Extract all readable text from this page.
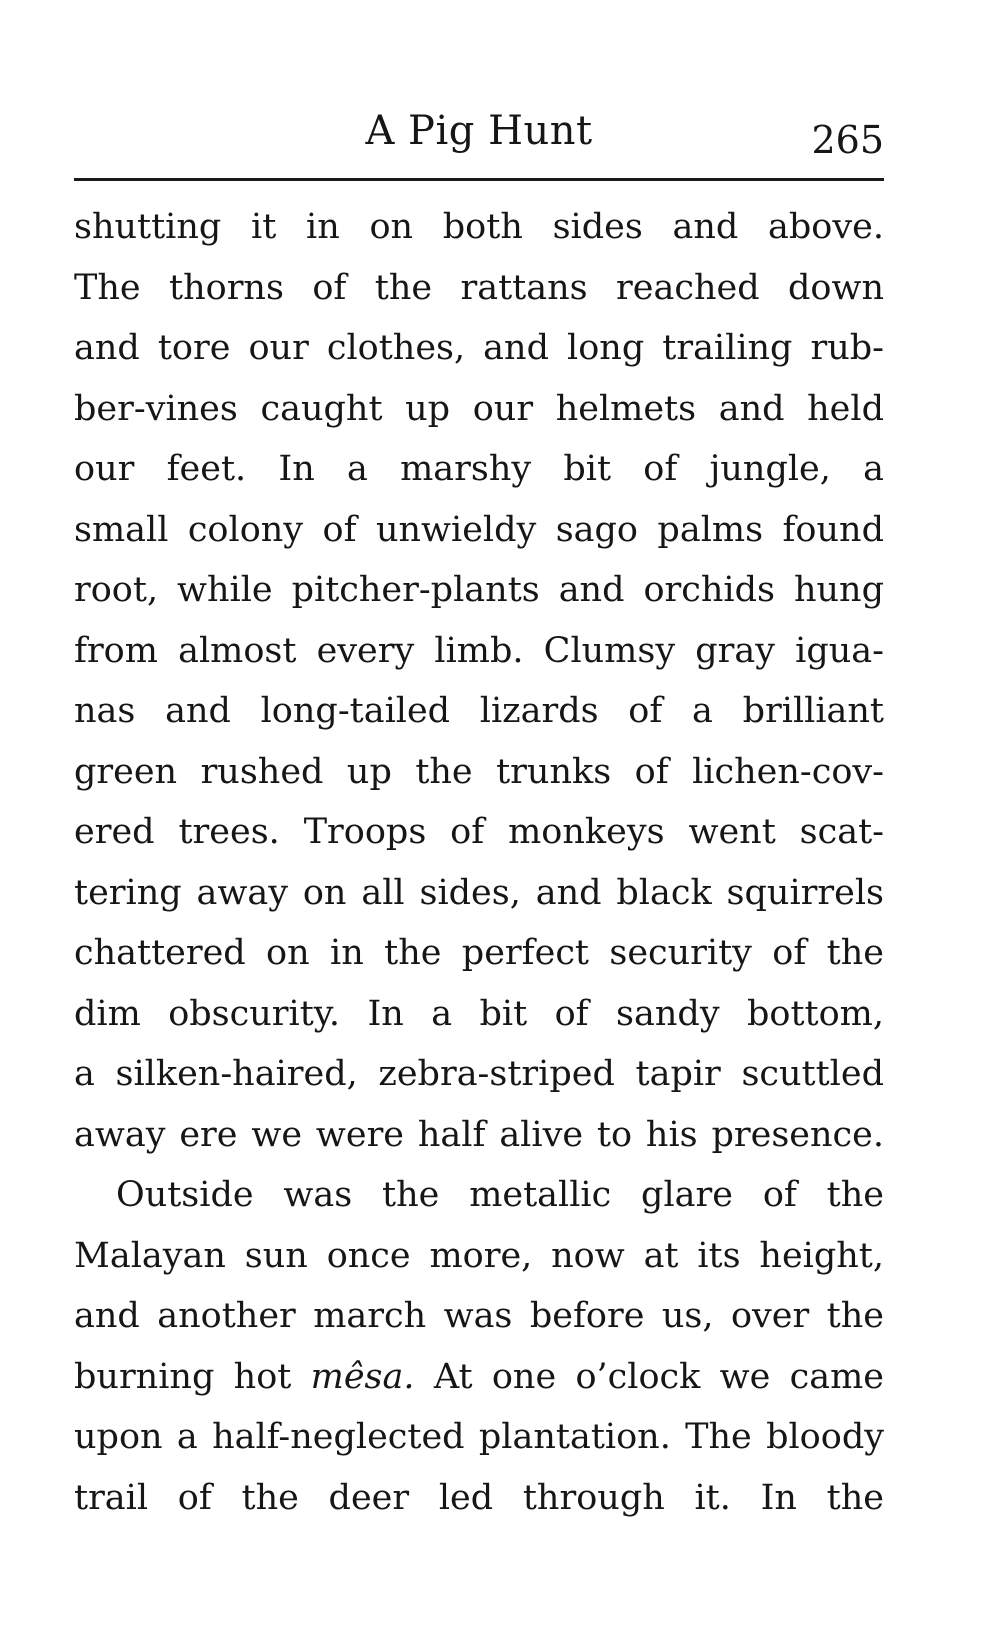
A Pig Hunt	265
shutting it in on both sides and above.
The thorns of the rattans reached down
and tore our clothes, and long trailing rub-
ber-vines caught up our helmets and held
our feet. In a marshy bit of jungle, a
small colony of unwieldy sago palms found
root, while pitcher-plants and orchids hung
from almost every limb. Clumsy gray igua-
nas and long-tailed lizards of a brilliant
green rushed up the trunks of lichen-cov-
ered trees. Troops of monkeys went scat-
tering away on all sides, and black squirrels
chattered on in the perfect security of the
dim obscurity. In a bit of sandy bottom,
a silken-haired, zebra-striped tapir scuttled
away ere we were half alive to his presence.
Outside was the metallic glare of the
Malayan sun once more, now at its height,
and another march was before us, over the
burning hot mêsa. At one o’clock we came
upon a half-neglected plantation. The bloody
trail of the deer led through it. In the
